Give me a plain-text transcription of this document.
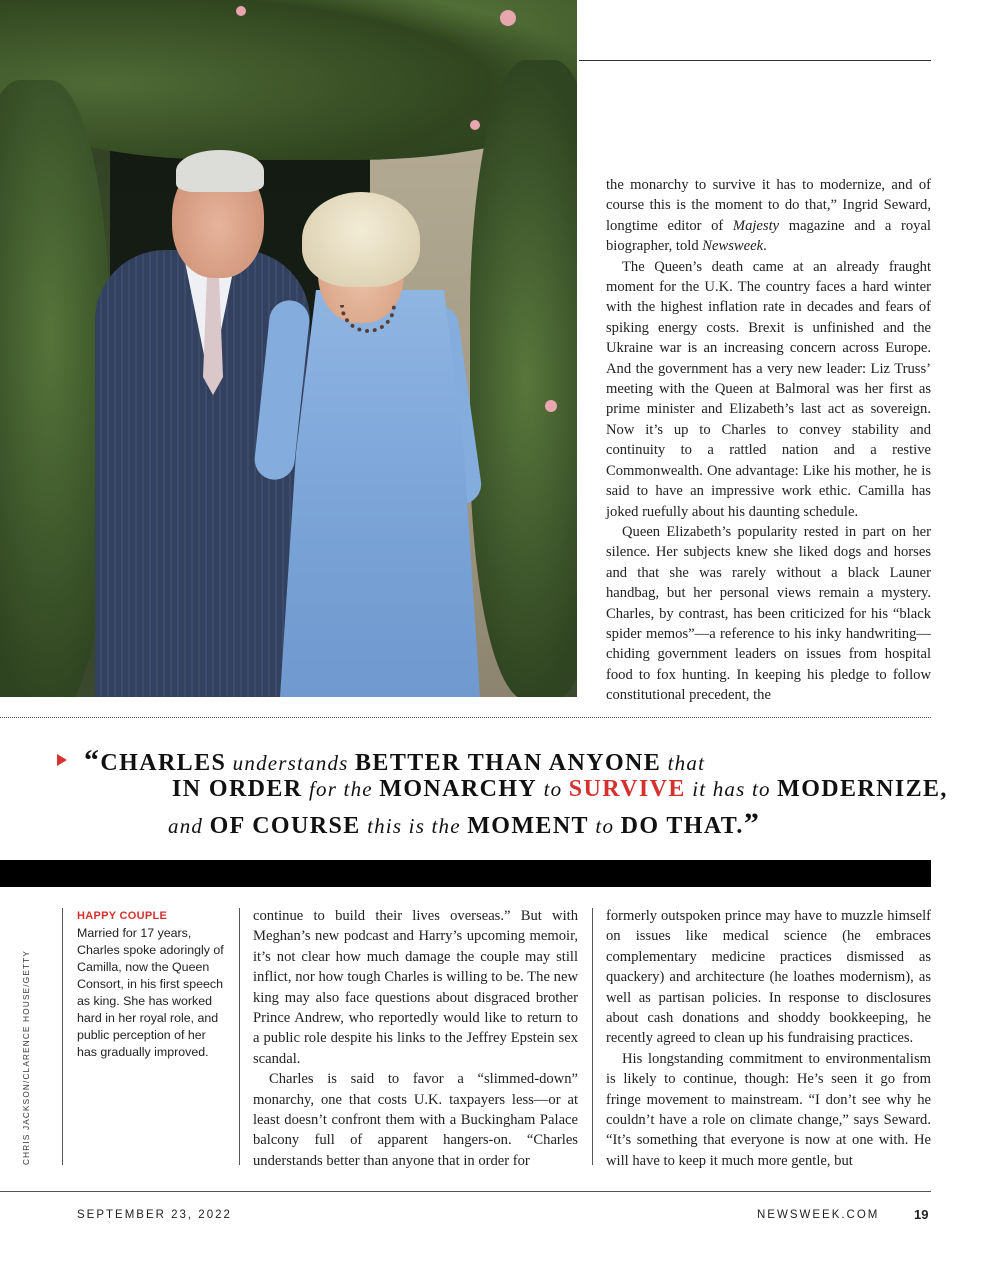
the monarchy to survive it has to modernize, and of course this is the moment to do that,” Ingrid Seward, longtime editor of Majesty magazine and a royal biographer, told Newsweek.

The Queen’s death came at an already fraught moment for the U.K. The country faces a hard winter with the highest inflation rate in decades and fears of spiking energy costs. Brexit is unfinished and the Ukraine war is an increasing concern across Europe. And the government has a very new leader: Liz Truss’ meeting with the Queen at Balmoral was her first as prime minister and Elizabeth’s last act as sovereign. Now it’s up to Charles to convey stability and continuity to a rattled nation and a restive Commonwealth. One advantage: Like his mother, he is said to have an impressive work ethic. Camilla has joked ruefully about his daunting schedule.

Queen Elizabeth’s popularity rested in part on her silence. Her subjects knew she liked dogs and horses and that she was rarely without a black Launer handbag, but her personal views remain a mystery. Charles, by contrast, has been criticized for his “black spider memos”—a reference to his inky handwriting—chiding government leaders on issues from hospital food to fox hunting. In keeping his pledge to follow constitutional precedent, the

“CHARLES understands BETTER THAN ANYONE that
IN ORDER for the MONARCHY to SURVIVE it has to MODERNIZE,
and OF COURSE this is the MOMENT to DO THAT.”
CHRIS JACKSON/CLARENCE HOUSE/GETTY
HAPPY COUPLE
Married for 17 years, Charles spoke adoringly of Camilla, now the Queen Consort, in his first speech as king. She has worked hard in her royal role, and public perception of her has gradually improved.

continue to build their lives overseas.” But with Meghan’s new podcast and Harry’s upcoming memoir, it’s not clear how much damage the couple may still inflict, nor how tough Charles is willing to be. The new king may also face questions about disgraced brother Prince Andrew, who reportedly would like to return to a public role despite his links to the Jeffrey Epstein sex scandal.

Charles is said to favor a “slimmed-down” monarchy, one that costs U.K. taxpayers less—or at least doesn’t confront them with a Buckingham Palace balcony full of apparent hangers-on. “Charles understands better than anyone that in order for

formerly outspoken prince may have to muzzle himself on issues like medical science (he embraces complementary medicine practices dismissed as quackery) and architecture (he loathes modernism), as well as partisan policies. In response to disclosures about cash donations and shoddy bookkeeping, he recently agreed to clean up his fundraising practices.

His longstanding commitment to environmentalism is likely to continue, though: He’s seen it go from fringe movement to mainstream. “I don’t see why he couldn’t have a role on climate change,” says Seward. “It’s something that everyone is now at one with. He will have to keep it much more gentle, but

SEPTEMBER 23, 2022	NEWSWEEK.COM	19
